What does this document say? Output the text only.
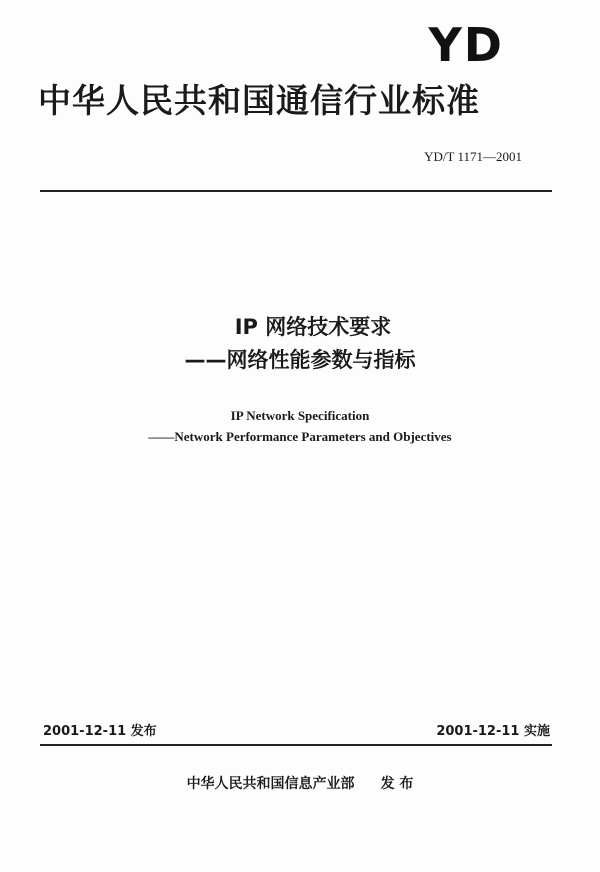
YD
中华人民共和国通信行业标准
YD/T 1171—2001
IP 网络技术要求
——网络性能参数与指标
IP Network Specification
——Network Performance Parameters and Objectives
2001-12-11 发布	2001-12-11 实施
中华人民共和国信息产业部 发 布
